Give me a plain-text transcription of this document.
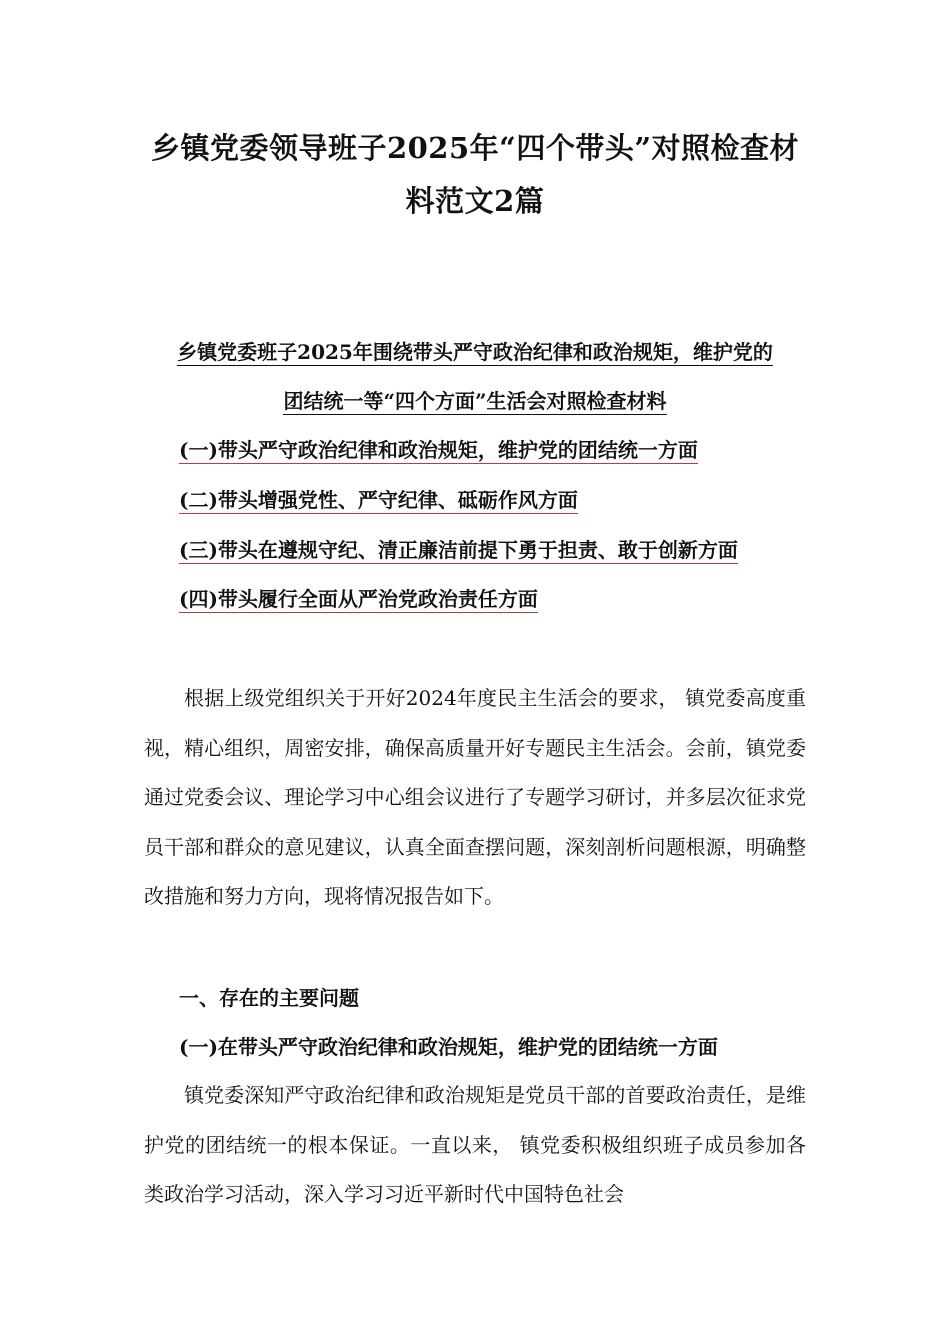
乡镇党委领导班子2025年“四个带头”对照检查材
料范文2篇
乡镇党委班子2025年围绕带头严守政治纪律和政治规矩，维护党的
团结统一等“四个方面”生活会对照检查材料
(一)带头严守政治纪律和政治规矩，维护党的团结统一方面
(二)带头增强党性、严守纪律、砥砺作风方面
(三)带头在遵规守纪、清正廉洁前提下勇于担责、敢于创新方面
(四)带头履行全面从严治党政治责任方面

根据上级党组织关于开好2024年度民主生活会的要求， 镇党委高度重视，精心组织，周密安排，确保高质量开好专题民主生活会。会前，镇党委通过党委会议、理论学习中心组会议进行了专题学习研讨，并多层次征求党员干部和群众的意见建议，认真全面查摆问题，深刻剖析问题根源，明确整改措施和努力方向，现将情况报告如下。

一、存在的主要问题
(一)在带头严守政治纪律和政治规矩，维护党的团结统一方面

镇党委深知严守政治纪律和政治规矩是党员干部的首要政治责任，是维护党的团结统一的根本保证。一直以来， 镇党委积极组织班子成员参加各类政治学习活动，深入学习习近平新时代中国特色社会
